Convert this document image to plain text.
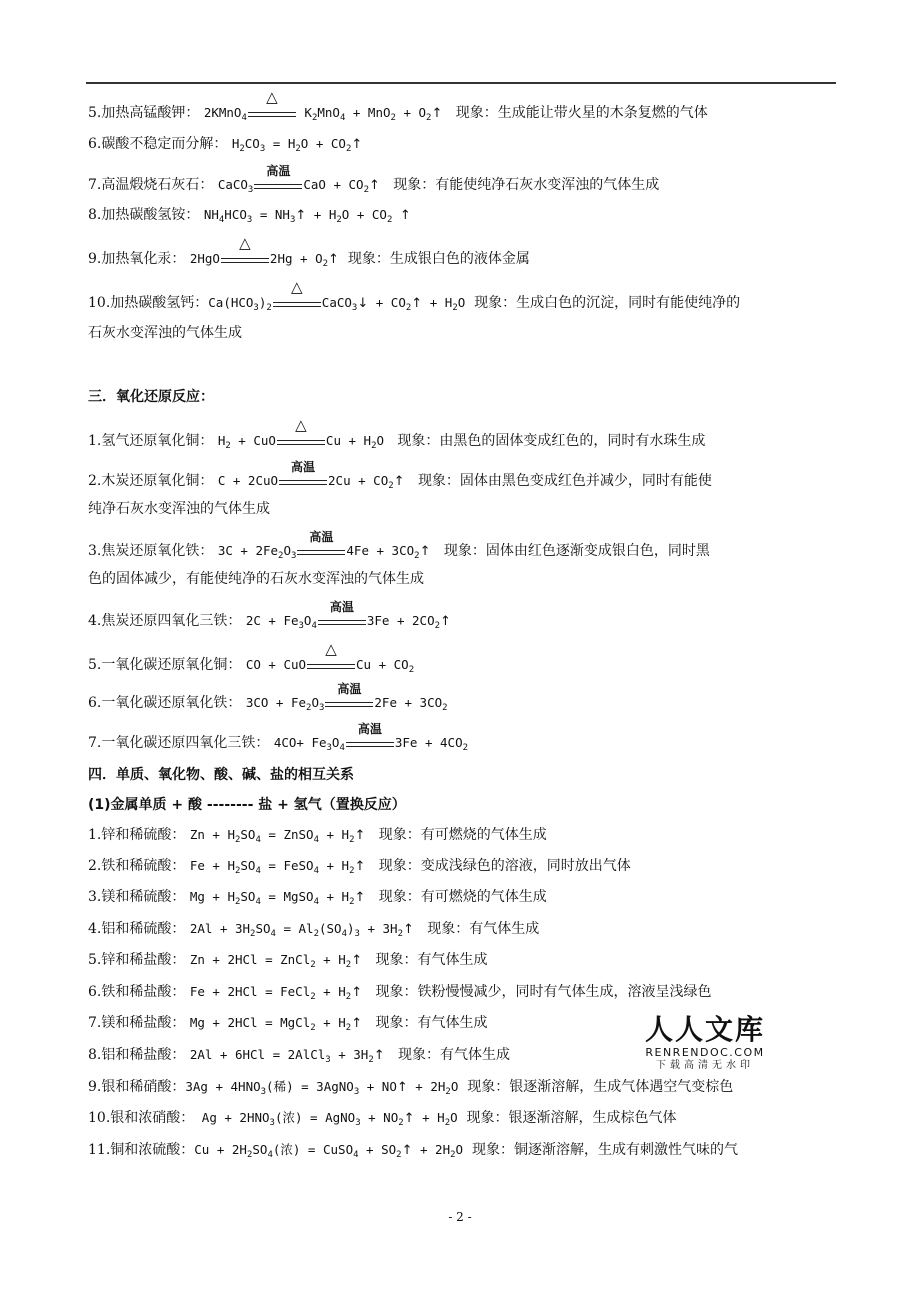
5.加热高锰酸钾： 2KMnO$_4$
△
$K_2MnO_4 + MnO_2$ + $O_2↑$ 现象：生成能让带火星的木条复燃的气体
6.碳酸不稳定而分解： $H_2CO_3 = H_2O$ + $CO_2↑$
7.高温煅烧石灰石： CaCO$_3$
高温
CaO + $CO_2↑$ 现象：有能使纯净石灰水变浑浊的气体生成
8.加热碳酸氢铵： $NH_4HCO_3$ = $NH_3↑ + H_2O + CO_2$ ↑
9.加热氧化汞： 2HgO
△
$2Hg + O_2↑$ 现象：生成银白色的液体金属
10.加热碳酸氢钙：$Ca(HCO_3)_2$
△
CaCO$_3$↓ + $CO_2↑ + H_2O$ 现象：生成白色的沉淀，同时有能使纯净的
石灰水变浑浊的气体生成
三．氧化还原反应：
1.氢气还原氧化铜： $H_2$ + CuO
△
$Cu + H_2O$ 现象：由黑色的固体变成红色的，同时有水珠生成
2.木炭还原氧化铜： C + 2CuO
高温
$2Cu + CO_2↑$ 现象：固体由黑色变成红色并减少，同时有能使
纯净石灰水变浑浊的气体生成
3.焦炭还原氧化铁： $3C + 2Fe_2O_3$
高温
$4Fe + 3CO_2↑$ 现象：固体由红色逐渐变成银白色，同时黑
色的固体减少，有能使纯净的石灰水变浑浊的气体生成
4.焦炭还原四氧化三铁： $2C + Fe_3O_4$
高温
$3Fe + 2CO_2↑$
5.一氧化碳还原氧化铜： CO + CuO
△
$Cu + CO_2$
6.一氧化碳还原氧化铁： $3CO + Fe_2O_3$
高温
$2Fe + 3CO_2$
7.一氧化碳还原四氧化三铁： $4CO+ Fe_3O_4$
高温
$3Fe + 4CO_2$
四．单质、氧化物、酸、碱、盐的相互关系
(1)金属单质 + 酸 -------- 盐 + 氢气（置换反应）
1.锌和稀硫酸： $Zn + H_2SO_4$ = ZnSO$_4$ + $H_2↑$ 现象：有可燃烧的气体生成
2.铁和稀硫酸： $Fe + H_2SO_4$ = FeSO$_4$ + $H_2↑$ 现象：变成浅绿色的溶液，同时放出气体
3.镁和稀硫酸： $Mg + H_2SO_4$ = MgSO$_4$ + $H_2↑$ 现象：有可燃烧的气体生成
4.铝和稀硫酸： $2Al + 3H_2SO_4 = Al_2(SO_4)_3$ + $3H_2↑$ 现象：有气体生成
5.锌和稀盐酸： Zn + 2HCl = ZnCl$_2$ + $H_2↑$ 现象：有气体生成
6.铁和稀盐酸： Fe + 2HCl = FeCl$_2$ + $H_2↑$ 现象：铁粉慢慢减少，同时有气体生成，溶液呈浅绿色
7.镁和稀盐酸： Mg + 2HCl = MgCl$_2$ + $H_2↑$ 现象：有气体生成
8.铝和稀盐酸： 2Al + 6HCl = 2AlCl$_3$ + $3H_2↑$ 现象：有气体生成
9.银和稀硝酸：$3Ag + 4HNO_3$(稀) = 3AgNO$_3$ + NO↑ + $2H_2O$ 现象：银逐渐溶解，生成气体遇空气变棕色
10.银和浓硝酸： $Ag + 2HNO_3$(浓) = AgNO$_3$ + $NO_2↑ + H_2O$ 现象：银逐渐溶解，生成棕色气体
11.铜和浓硫酸：$Cu + 2H_2SO_4$(浓) = CuSO$_4$ + $SO_2↑ + 2H_2O$ 现象：铜逐渐溶解，生成有刺激性气味的气
人人文库
RENRENDOC.COM
下载高清无水印
- 2 -
